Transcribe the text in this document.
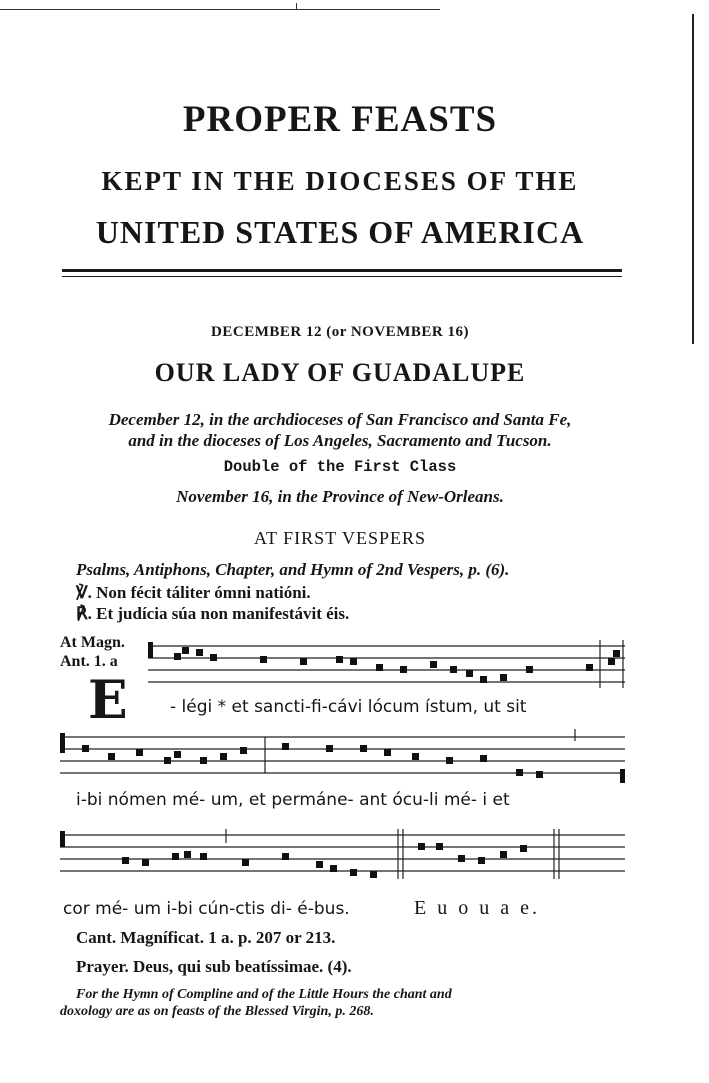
PROPER FEASTS
KEPT IN THE DIOCESES OF THE
UNITED STATES OF AMERICA
DECEMBER 12 (or NOVEMBER 16)
OUR LADY OF GUADALUPE
December 12, in the archdioceses of San Francisco and Santa Fe,
and in the dioceses of Los Angeles, Sacramento and Tucson.
Double of the First Class
November 16, in the Province of New-Orleans.
AT FIRST VESPERS
Psalms, Antiphons, Chapter, and Hymn of 2nd Vespers, p. (6).
℣. Non fécit táliter ómni natióni.
℟. Et judícia súa non manifestávit éis.
At Magn.
Ant. 1. a
E - légi * et sancti-fi-cávi lócum ístum, ut sit
i-bi nómen mé- um, et permáne- ant ócu-li mé- i et
cor mé- um i-bi cún-ctis di- é-bus.	E u o u a e.
Cant. Magníficat. 1 a. p. 207 or 213.
Prayer. Deus, qui sub beatíssimae. (4).
For the Hymn of Compline and of the Little Hours the chant and
doxology are as on feasts of the Blessed Virgin, p. 268.
